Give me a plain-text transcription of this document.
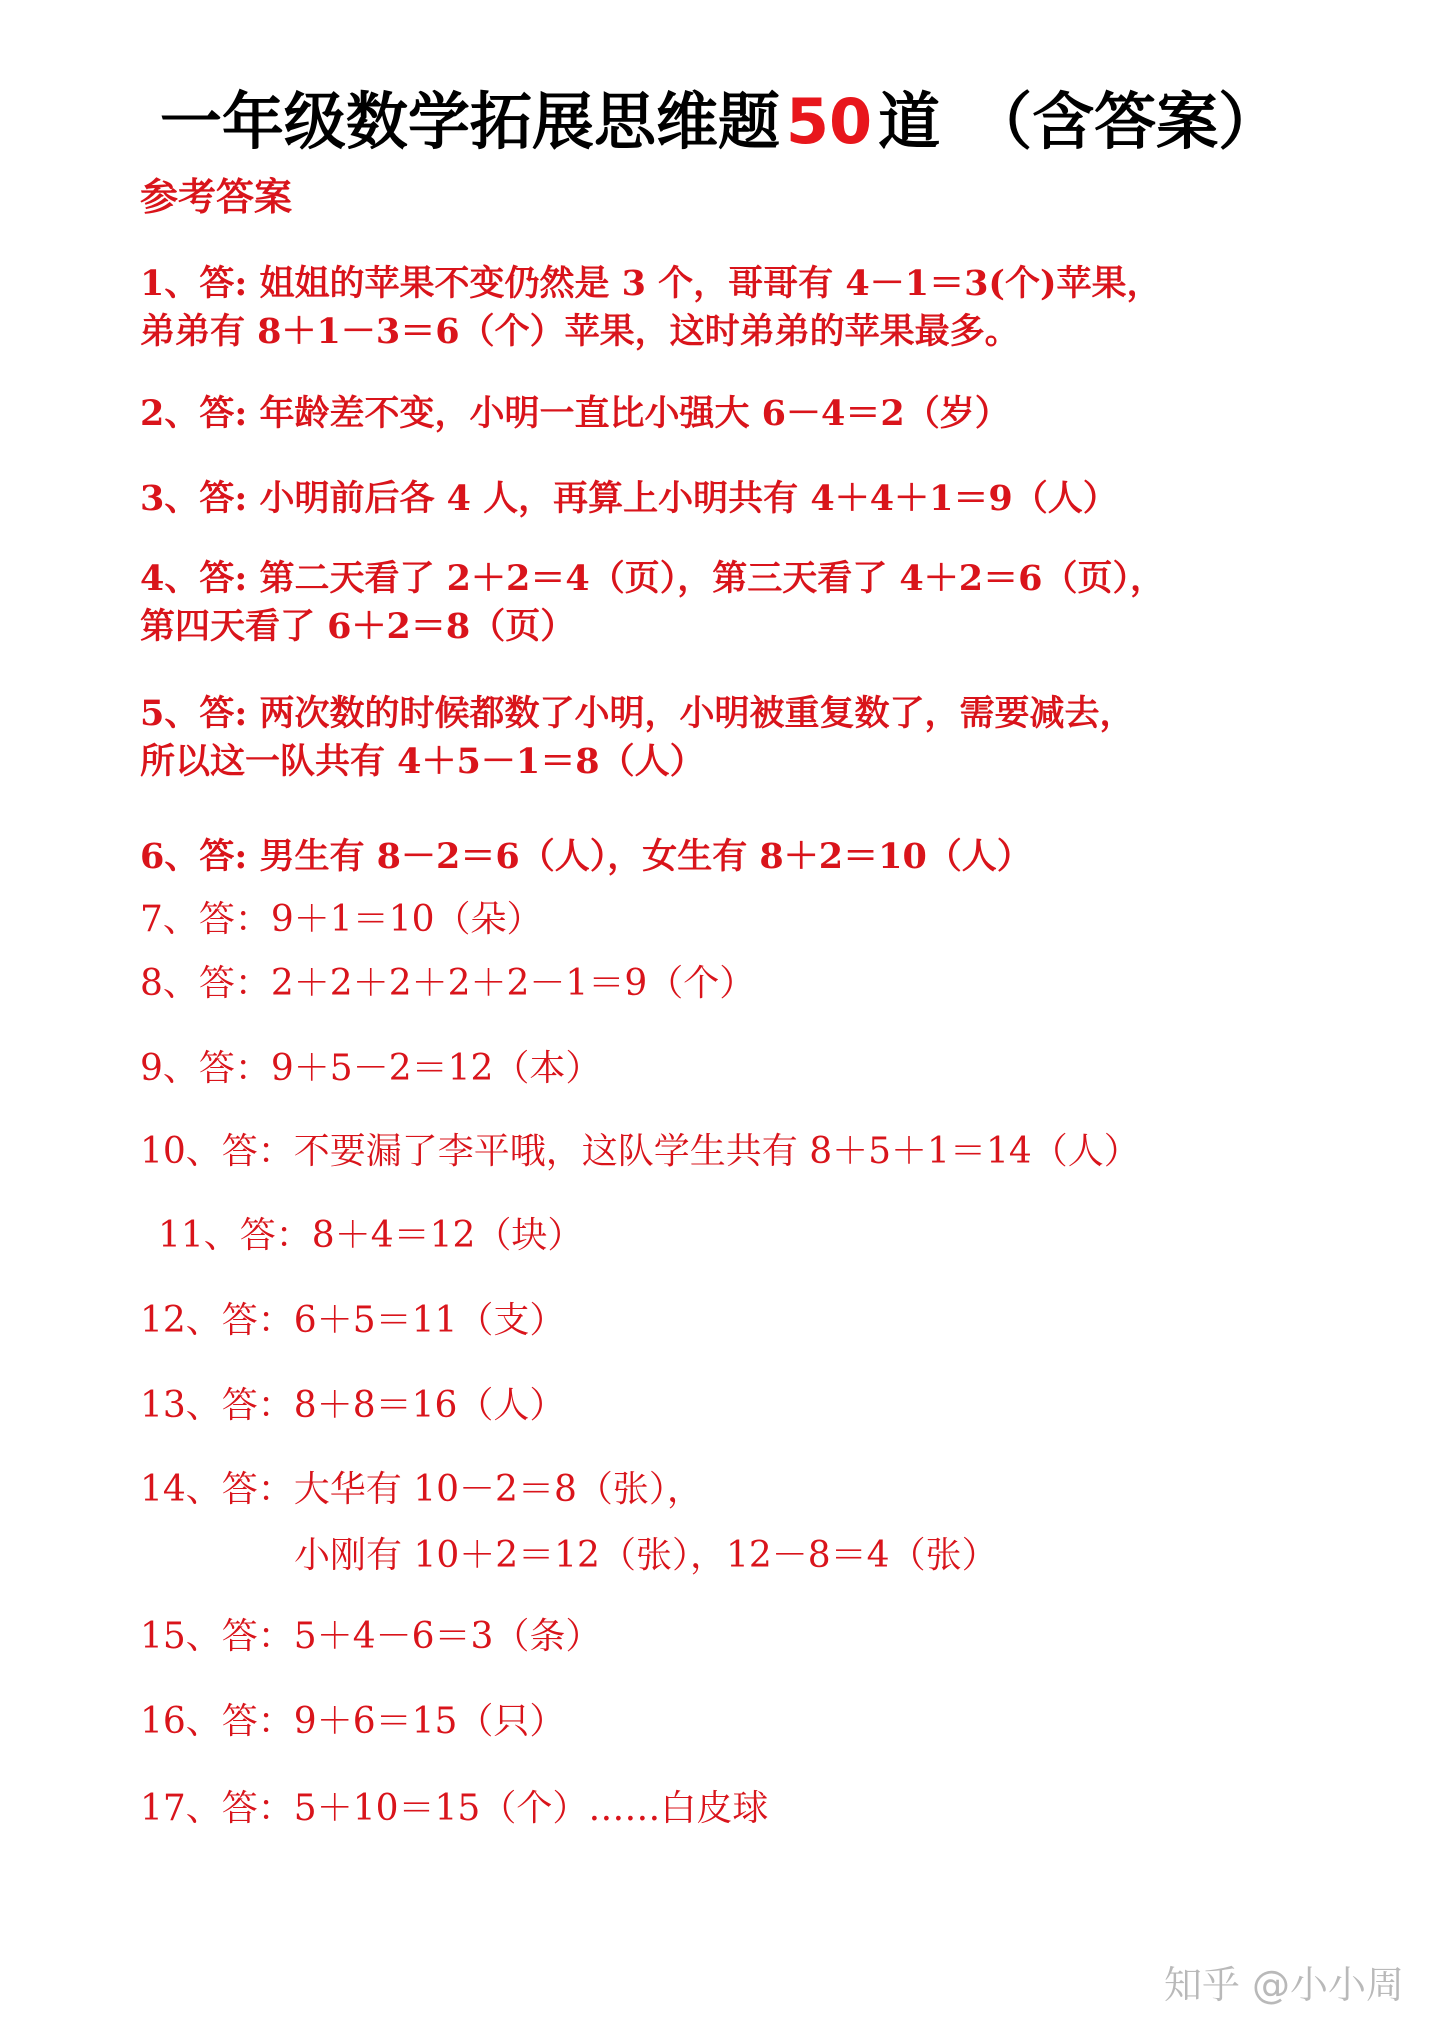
一年级数学拓展思维题50道 （含答案）
参考答案
1、答: 姐姐的苹果不变仍然是 3 个，哥哥有 4－1＝3(个)苹果，
弟弟有 8＋1－3＝6（个）苹果，这时弟弟的苹果最多。
2、答: 年龄差不变，小明一直比小强大 6－4＝2（岁）
3、答: 小明前后各 4 人，再算上小明共有 4＋4＋1＝9（人）
4、答: 第二天看了 2＋2＝4（页），第三天看了 4＋2＝6（页），
第四天看了 6＋2＝8（页）
5、答: 两次数的时候都数了小明，小明被重复数了，需要减去，
所以这一队共有 4＋5－1＝8（人）
6、答: 男生有 8－2＝6（人），女生有 8＋2＝10（人）
7、答：9＋1＝10（朵）
8、答：2＋2＋2＋2＋2－1＝9（个）
9、答：9＋5－2＝12（本）
10、答：不要漏了李平哦，这队学生共有 8＋5＋1＝14（人）
11、答：8＋4＝12（块）
12、答：6＋5＝11（支）
13、答：8＋8＝16（人）
14、答：大华有 10－2＝8（张），
小刚有 10＋2＝12（张），12－8＝4（张）
15、答：5＋4－6＝3（条）
16、答：9＋6＝15（只）
17、答：5＋10＝15（个）……白皮球
知乎 @小小周
